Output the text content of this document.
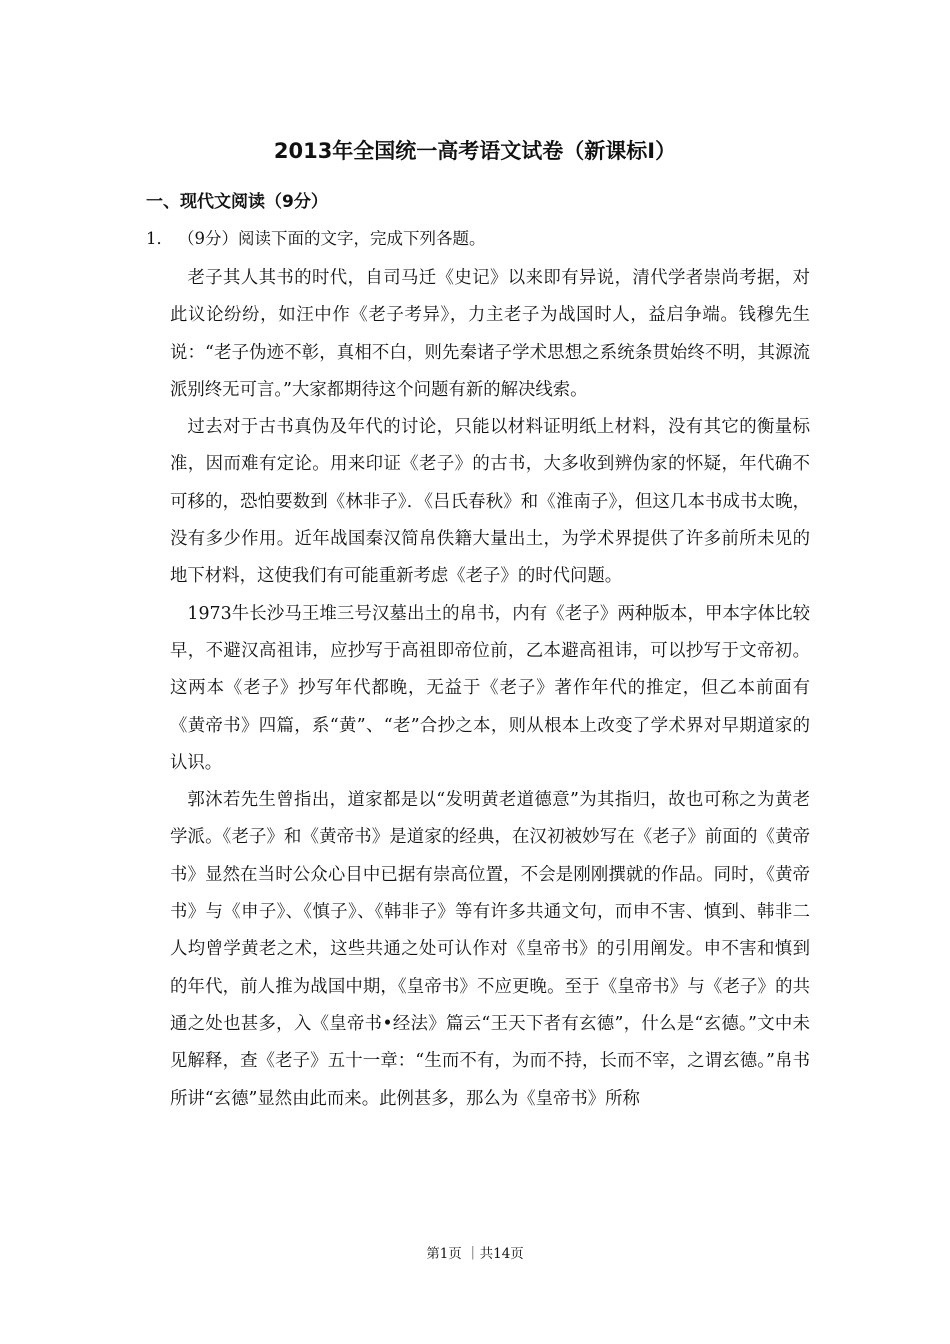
2013年全国统一高考语文试卷（新课标Ⅰ）
一、现代文阅读（9分）
1． （9分）阅读下面的文字，完成下列各题。

老子其人其书的时代，自司马迁《史记》以来即有异说，清代学者崇尚考据，对此议论纷纷，如汪中作《老子考异》，力主老子为战国时人，益启争端。钱穆先生说：“老子伪迹不彰，真相不白，则先秦诸子学术思想之系统条贯始终不明，其源流派别终无可言。”大家都期待这个问题有新的解决线索。

过去对于古书真伪及年代的讨论，只能以材料证明纸上材料，没有其它的衡量标准，因而难有定论。用来印证《老子》的古书，大多收到辨伪家的怀疑，年代确不可移的，恐怕要数到《林非子》．《吕氏春秋》和《淮南子》，但这几本书成书太晚，没有多少作用。近年战国秦汉简帛佚籍大量出土，为学术界提供了许多前所未见的地下材料，这使我们有可能重新考虑《老子》的时代问题。

1973牛长沙马王堆三号汉墓出土的帛书，内有《老子》两种版本，甲本字体比较早，不避汉高祖讳，应抄写于高祖即帝位前，乙本避高祖讳，可以抄写于文帝初。这两本《老子》抄写年代都晚，无益于《老子》著作年代的推定，但乙本前面有《黄帝书》四篇，系“黄”、“老”合抄之本，则从根本上改变了学术界对早期道家的认识。

郭沐若先生曾指出，道家都是以“发明黄老道德意”为其指归，故也可称之为黄老学派。《老子》和《黄帝书》是道家的经典，在汉初被妙写在《老子》前面的《黄帝书》显然在当时公众心目中已据有崇高位置，不会是刚刚撰就的作品。同时，《黄帝书》与《申子》、《慎子》、《韩非子》等有许多共通文句，而申不害、慎到、韩非二人均曾学黄老之术，这些共通之处可认作对《皇帝书》的引用阐发。申不害和慎到的年代，前人推为战国中期，《皇帝书》不应更晚。至于《皇帝书》与《老子》的共通之处也甚多，入《皇帝书•经法》篇云“王天下者有玄德”，什么是“玄德。”文中未见解释，查《老子》五十一章：“生而不有，为而不持，长而不宰，之谓玄德。”帛书所讲“玄德”显然由此而来。此例甚多，那么为《皇帝书》所称

第1页 ｜共14页
